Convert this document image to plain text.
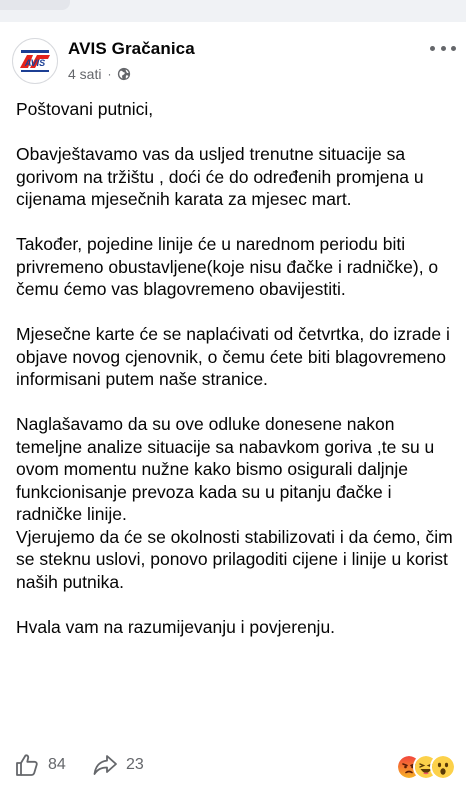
AVIS
AVIS Gračanica
4 sati ·

Poštovani putnici,

Obavještavamo vas da usljed trenutne situacije sa gorivom na tržištu , doći će do određenih promjena u cijenama mjesečnih karata za mjesec mart.

Također, pojedine linije će u narednom periodu biti privremeno obustavljene(koje nisu đačke i radničke), o čemu ćemo vas blagovremeno obavijestiti.

Mjesečne karte će se naplaćivati od četvrtka, do izrade i objave novog cjenovnik, o čemu ćete biti blagovremeno informisani putem naše stranice.

Naglašavamo da su ove odluke donesene nakon temeljne analize situacije sa nabavkom goriva ,te su u ovom momentu nužne kako bismo osigurali daljnje funkcionisanje prevoza kada su u pitanju đačke i radničke linije.

Vjerujemo da će se okolnosti stabilizovati i da ćemo, čim se steknu uslovi, ponovo prilagoditi cijene i linije u korist naših putnika.

Hvala vam na razumijevanju i povjerenju.

84	23
